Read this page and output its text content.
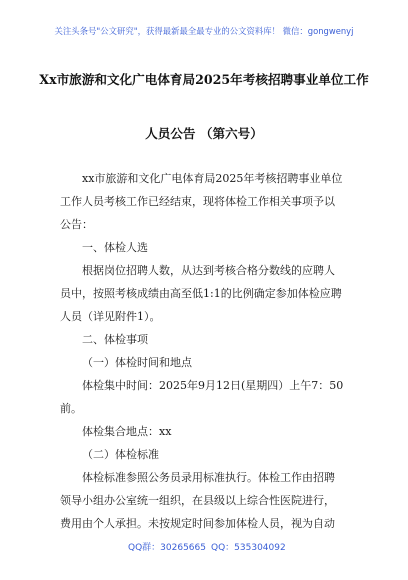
关注头条号"公文研究"，获得最新最全最专业的公文资料库！ 微信：gongwenyj
Xx市旅游和文化广电体育局2025年考核招聘事业单位工作
人员公告 （第六号）
xx市旅游和文化广电体育局2025年考核招聘事业单位
工作人员考核工作已经结束，现将体检工作相关事项予以
公告：
一、体检人选
根据岗位招聘人数，从达到考核合格分数线的应聘人
员中，按照考核成绩由高至低1:1的比例确定参加体检应聘
人员（详见附件1）。
二、体检事项
（一）体检时间和地点
体检集中时间：2025年9月12日(星期四）上午7：50
前。
体检集合地点：xx
（二）体检标准
体检标准参照公务员录用标准执行。体检工作由招聘
领导小组办公室统一组织，在县级以上综合性医院进行，
费用由个人承担。未按规定时间参加体检人员，视为自动
QQ群：30265665 QQ：535304092
